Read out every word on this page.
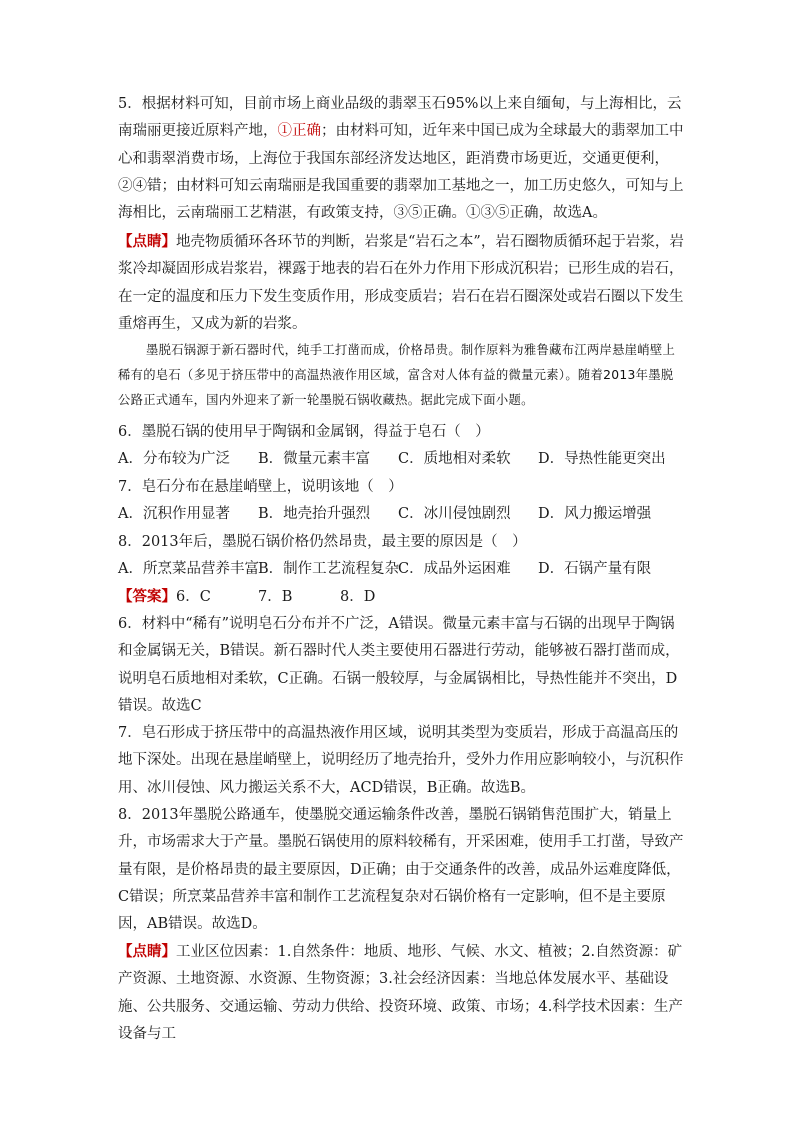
5．根据材料可知，目前市场上商业品级的翡翠玉石95%以上来自缅甸，与上海相比，云南瑞丽更接近原料产地，①正确；由材料可知，近年来中国已成为全球最大的翡翠加工中心和翡翠消费市场，上海位于我国东部经济发达地区，距消费市场更近，交通更便利，②④错；由材料可知云南瑞丽是我国重要的翡翠加工基地之一，加工历史悠久，可知与上海相比，云南瑞丽工艺精湛，有政策支持，③⑤正确。①③⑤正确，故选A。

【点睛】地壳物质循环各环节的判断，岩浆是“岩石之本”，岩石圈物质循环起于岩浆，岩浆冷却凝固形成岩浆岩，裸露于地表的岩石在外力作用下形成沉积岩；已形生成的岩石，在一定的温度和压力下发生变质作用，形成变质岩；岩石在岩石圈深处或岩石圈以下发生重熔再生，又成为新的岩浆。

墨脱石锅源于新石器时代，纯手工打凿而成，价格昂贵。制作原料为雅鲁藏布江两岸悬崖峭壁上稀有的皂石（多见于挤压带中的高温热液作用区域，富含对人体有益的微量元素）。随着2013年墨脱公路正式通车，国内外迎来了新一轮墨脱石锅收藏热。据此完成下面小题。

6．墨脱石锅的使用早于陶锅和金属钢，得益于皂石（　）

A．分布较为广泛 B．微量元素丰富 C．质地相对柔软 D．导热性能更突出

7．皂石分布在悬崖峭壁上，说明该地（　）

A．沉积作用显著 B．地壳抬升强烈 C．冰川侵蚀剧烈 D．风力搬运增强

8．2013年后，墨脱石锅价格仍然昂贵，最主要的原因是（　）

A．所烹菜品营养丰富 B．制作工艺流程复杂
C．成品外运困难 D．石锅产量有限
【答案】 6．C	7．B	8．D

6．材料中“稀有”说明皂石分布并不广泛，A错误。微量元素丰富与石锅的出现早于陶锅和金属锅无关，B错误。新石器时代人类主要使用石器进行劳动，能够被石器打凿而成，说明皂石质地相对柔软，C正确。石锅一般较厚，与金属锅相比，导热性能并不突出，D错误。故选C

7．皂石形成于挤压带中的高温热液作用区域，说明其类型为变质岩，形成于高温高压的地下深处。出现在悬崖峭壁上，说明经历了地壳抬升，受外力作用应影响较小，与沉积作用、冰川侵蚀、风力搬运关系不大，ACD错误，B正确。故选B。

8．2013年墨脱公路通车，使墨脱交通运输条件改善，墨脱石锅销售范围扩大，销量上升，市场需求大于产量。墨脱石锅使用的原料较稀有，开采困难，使用手工打凿，导致产量有限，是价格昂贵的最主要原因，D正确；由于交通条件的改善，成品外运难度降低，C错误；所烹菜品营养丰富和制作工艺流程复杂对石锅价格有一定影响，但不是主要原因，AB错误。故选D。

【点睛】工业区位因素：1.自然条件：地质、地形、气候、水文、植被；2.自然资源：矿产资源、土地资源、水资源、生物资源；3.社会经济因素：当地总体发展水平、基础设施、公共服务、交通运输、劳动力供给、投资环境、政策、市场；4.科学技术因素：生产设备与工
